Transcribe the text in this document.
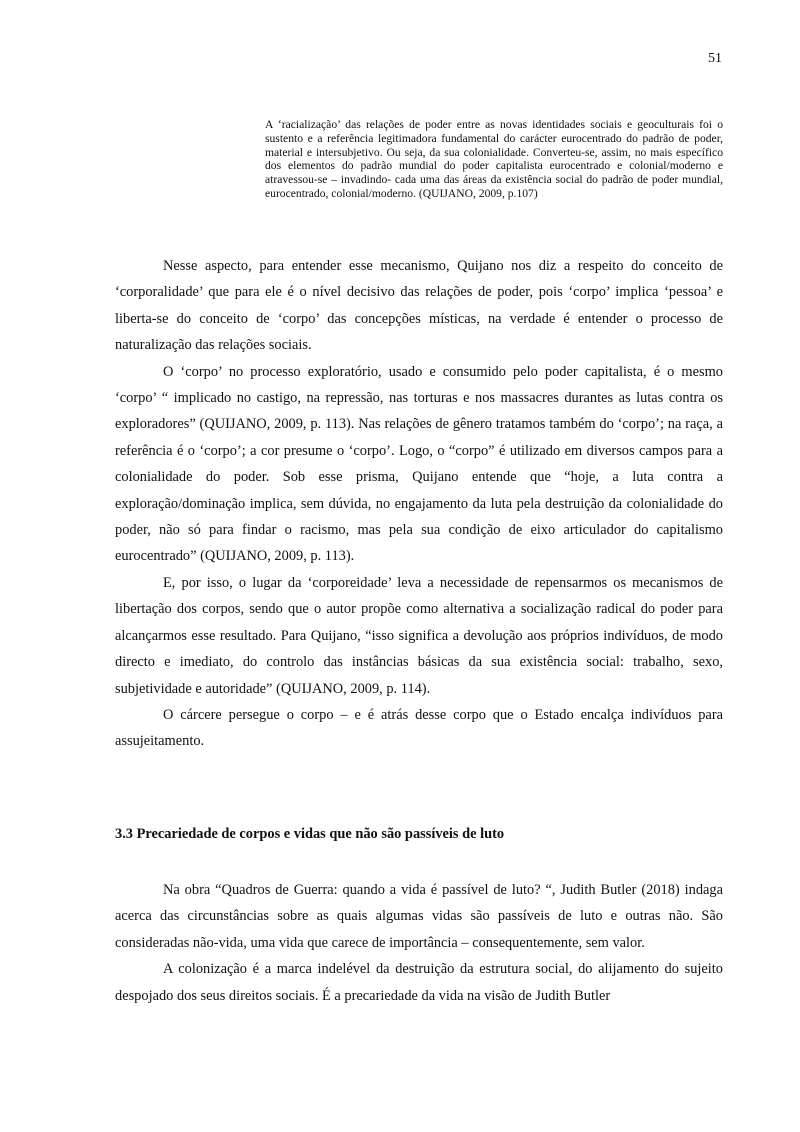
51

A ‘racialização’ das relações de poder entre as novas identidades sociais e geoculturais foi o sustento e a referência legitimadora fundamental do carácter eurocentrado do padrão de poder, material e intersubjetivo. Ou seja, da sua colonialidade. Converteu-se, assim, no mais específico dos elementos do padrão mundial do poder capitalista eurocentrado e colonial/moderno e atravessou-se – invadindo- cada uma das áreas da existência social do padrão de poder mundial, eurocentrado, colonial/moderno. (QUIJANO, 2009, p.107)

Nesse aspecto, para entender esse mecanismo, Quijano nos diz a respeito do conceito de ‘corporalidade’ que para ele é o nível decisivo das relações de poder, pois ‘corpo’ implica ‘pessoa’ e liberta-se do conceito de ‘corpo’ das concepções místicas, na verdade é entender o processo de naturalização das relações sociais.

O ‘corpo’ no processo exploratório, usado e consumido pelo poder capitalista, é o mesmo ‘corpo’ “ implicado no castigo, na repressão, nas torturas e nos massacres durantes as lutas contra os exploradores” (QUIJANO, 2009, p. 113). Nas relações de gênero tratamos também do ‘corpo’; na raça, a referência é o ‘corpo’; a cor presume o ‘corpo’. Logo, o “corpo” é utilizado em diversos campos para a colonialidade do poder. Sob esse prisma, Quijano entende que “hoje, a luta contra a exploração/dominação implica, sem dúvida, no engajamento da luta pela destruição da colonialidade do poder, não só para findar o racismo, mas pela sua condição de eixo articulador do capitalismo eurocentrado” (QUIJANO, 2009, p. 113).

E, por isso, o lugar da ‘corporeidade’ leva a necessidade de repensarmos os mecanismos de libertação dos corpos, sendo que o autor propõe como alternativa a socialização radical do poder para alcançarmos esse resultado. Para Quijano, “isso significa a devolução aos próprios indivíduos, de modo directo e imediato, do controlo das instâncias básicas da sua existência social: trabalho, sexo, subjetividade e autoridade” (QUIJANO, 2009, p. 114).

O cárcere persegue o corpo – e é atrás desse corpo que o Estado encalça indivíduos para assujeitamento.

3.3 Precariedade de corpos e vidas que não são passíveis de luto

Na obra “Quadros de Guerra: quando a vida é passível de luto? “, Judith Butler (2018) indaga acerca das circunstâncias sobre as quais algumas vidas são passíveis de luto e outras não. São consideradas não-vida, uma vida que carece de importância – consequentemente, sem valor.

A colonização é a marca indelével da destruição da estrutura social, do alijamento do sujeito despojado dos seus direitos sociais. É a precariedade da vida na visão de Judith Butler
